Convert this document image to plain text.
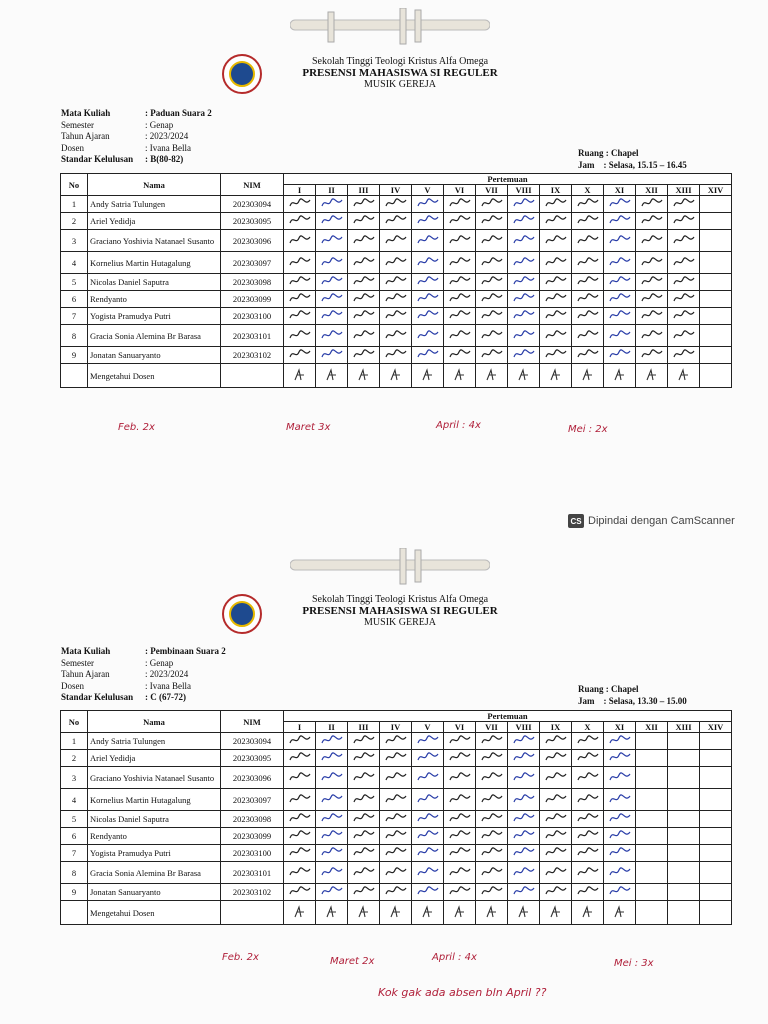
Sekolah Tinggi Teologi Kristus Alfa Omega
PRESENSI MAHASISWA SI REGULER
MUSIK GEREJA
Mata Kuliah	: Paduan Suara 2
Semester	: Genap
Tahun Ajaran	: 2023/2024
Dosen	: Ivana Bella
Standar Kelulusan	: B(80-82)
Ruang : Chapel
Jam : Selasa, 15.15 – 16.45
No	Nama	NIM	Pertemuan													
			I	II	III	IV	V	VI	VII	VIII	IX	X	XI	XII	XIII	XIV
1	Andy Satria Tulungen	202303094														
2	Ariel Yedidja	202303095														
3	Graciano Yoshivia Natanael Susanto	202303096														
4	Kornelius Martin Hutagalung	202303097														
5	Nicolas Daniel Saputra	202303098														
6	Rendyanto	202303099														
7	Yogista Pramudya Putri	202303100														
8	Gracia Sonia Alemina Br Barasa	202303101														
9	Jonatan Sanuaryanto	202303102														
	Mengetahui Dosen															
Feb. 2x	Maret 3x	April : 4x	Mei : 2x
CS Dipindai dengan CamScanner
Sekolah Tinggi Teologi Kristus Alfa Omega
PRESENSI MAHASISWA SI REGULER
MUSIK GEREJA
Mata Kuliah	: Pembinaan Suara 2
Semester	: Genap
Tahun Ajaran	: 2023/2024
Dosen	: Ivana Bella
Standar Kelulusan	: C (67-72)
Ruang : Chapel
Jam : Selasa, 13.30 – 15.00
No	Nama	NIM	Pertemuan													
			I	II	III	IV	V	VI	VII	VIII	IX	X	XI	XII	XIII	XIV
1	Andy Satria Tulungen	202303094														
2	Ariel Yedidja	202303095														
3	Graciano Yoshivia Natanael Susanto	202303096														
4	Kornelius Martin Hutagalung	202303097														
5	Nicolas Daniel Saputra	202303098														
6	Rendyanto	202303099														
7	Yogista Pramudya Putri	202303100														
8	Gracia Sonia Alemina Br Barasa	202303101														
9	Jonatan Sanuaryanto	202303102														
	Mengetahui Dosen															
Feb. 2x	Maret 2x	April : 4x
Mei : 3x
Kok gak ada absen bln April ??
